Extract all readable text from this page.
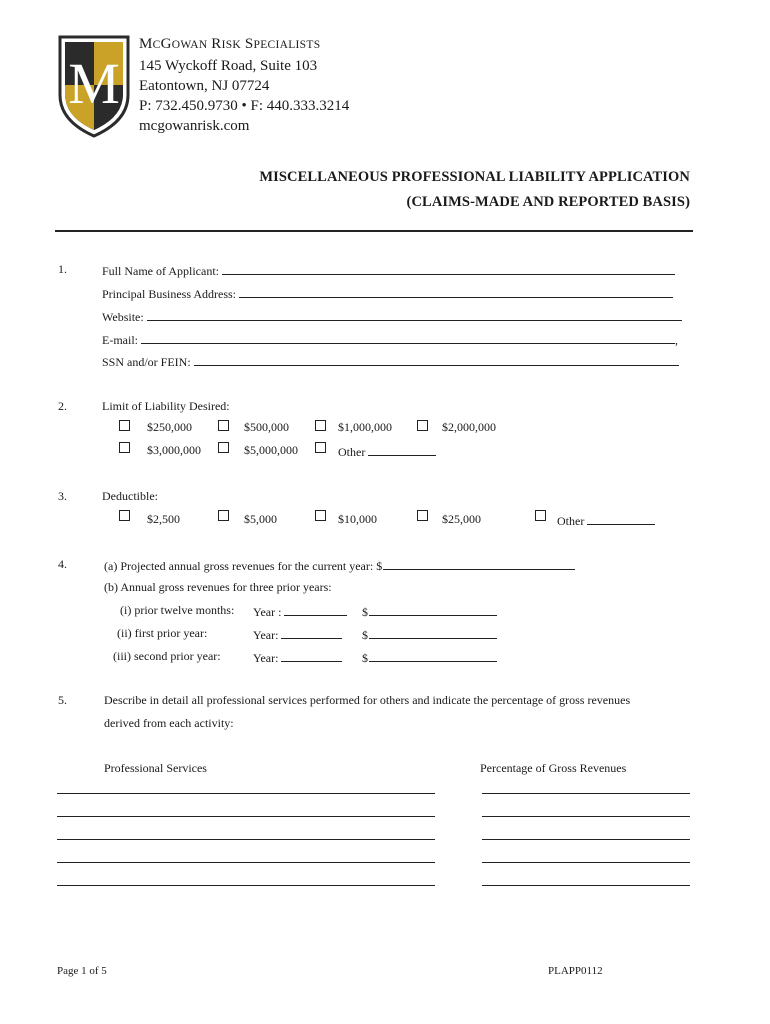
M
MCGOWAN RISK SPECIALISTS
145 Wyckoff Road, Suite 103
Eatontown, NJ 07724
P: 732.450.9730 • F: 440.333.3214
mcgowanrisk.com
MISCELLANEOUS PROFESSIONAL LIABILITY APPLICATION
(CLAIMS-MADE AND REPORTED BASIS)
1.	Full Name of Applicant:
Principal Business Address:
Website:
E-mail:	,
SSN and/or FEIN:
2.	Limit of Liability Desired:
$250,000	$500,000	$1,000,000	$2,000,000
$3,000,000	$5,000,000	Other
3.	Deductible:
$2,500	$5,000	$10,000	$25,000	Other
4.	(a) Projected annual gross revenues for the current year: $
(b) Annual gross revenues for three prior years:
(i) prior twelve months: Year :	$
(ii) first prior year:	Year:	$
(iii) second prior year:	Year:	$
5.	Describe in detail all professional services performed for others and indicate the percentage of gross revenues
derived from each activity:
Professional Services	Percentage of Gross Revenues
Page 1 of 5	PLAPP0112
